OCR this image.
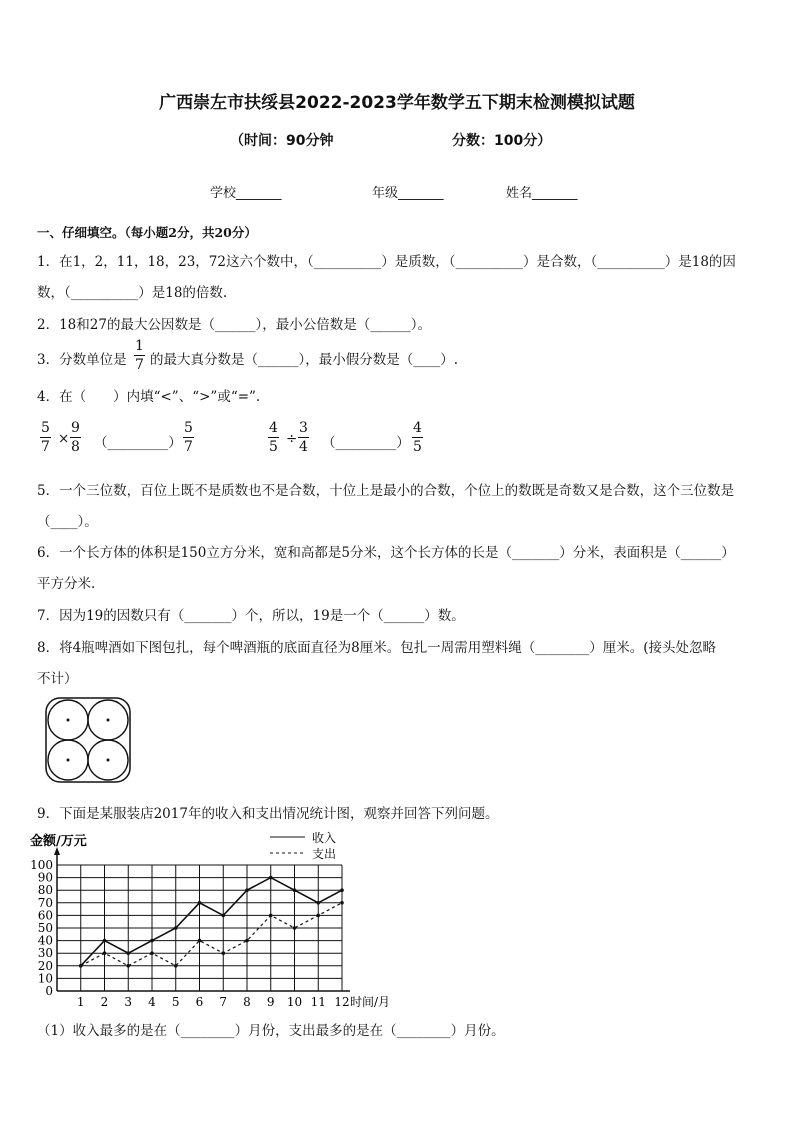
广西崇左市扶绥县2022-2023学年数学五下期末检测模拟试题
（时间：90分钟	分数：100分）
学校_______	年级_______	姓名_______
一、仔细填空。（每小题2分，共20分）
1．在1，2，11，18，23，72这六个数中，（__________）是质数，（__________）是合数，（__________）是18的因
数，（__________）是18的倍数.
2．18和27的最大公因数是（______），最小公倍数是（______）。
3．分数单位是
1
7 的最大真分数是（______），最小假分数是（____）.
4．在（　　）内填“<”、“>”或“=”.
5
7 ×
9
8 （_________）
5
7
4
5 ÷
3
4 （_________）
4
5
5．一个三位数，百位上既不是质数也不是合数，十位上是最小的合数，个位上的数既是奇数又是合数，这个三位数是
（____）。
6．一个长方体的体积是150立方分米，宽和高都是5分米，这个长方体的长是（_______）分米，表面积是（______）
平方分米.
7．因为19的因数只有（_______）个，所以，19是一个（______）数。
8．将4瓶啤酒如下图包扎，每个啤酒瓶的底面直径为8厘米。包扎一周需用塑料绳（________）厘米。(接头处忽略
不计）
9．下面是某服装店2017年的收入和支出情况统计图，观察并回答下列问题。
0
10
20
30
40
50
60
70
80
90
100
1 2 3 4 5 6 7 8 9 10 11 12
金额/万元
时间/月
收入
支出
（1）收入最多的是在（________）月份，支出最多的是在（________）月份。
